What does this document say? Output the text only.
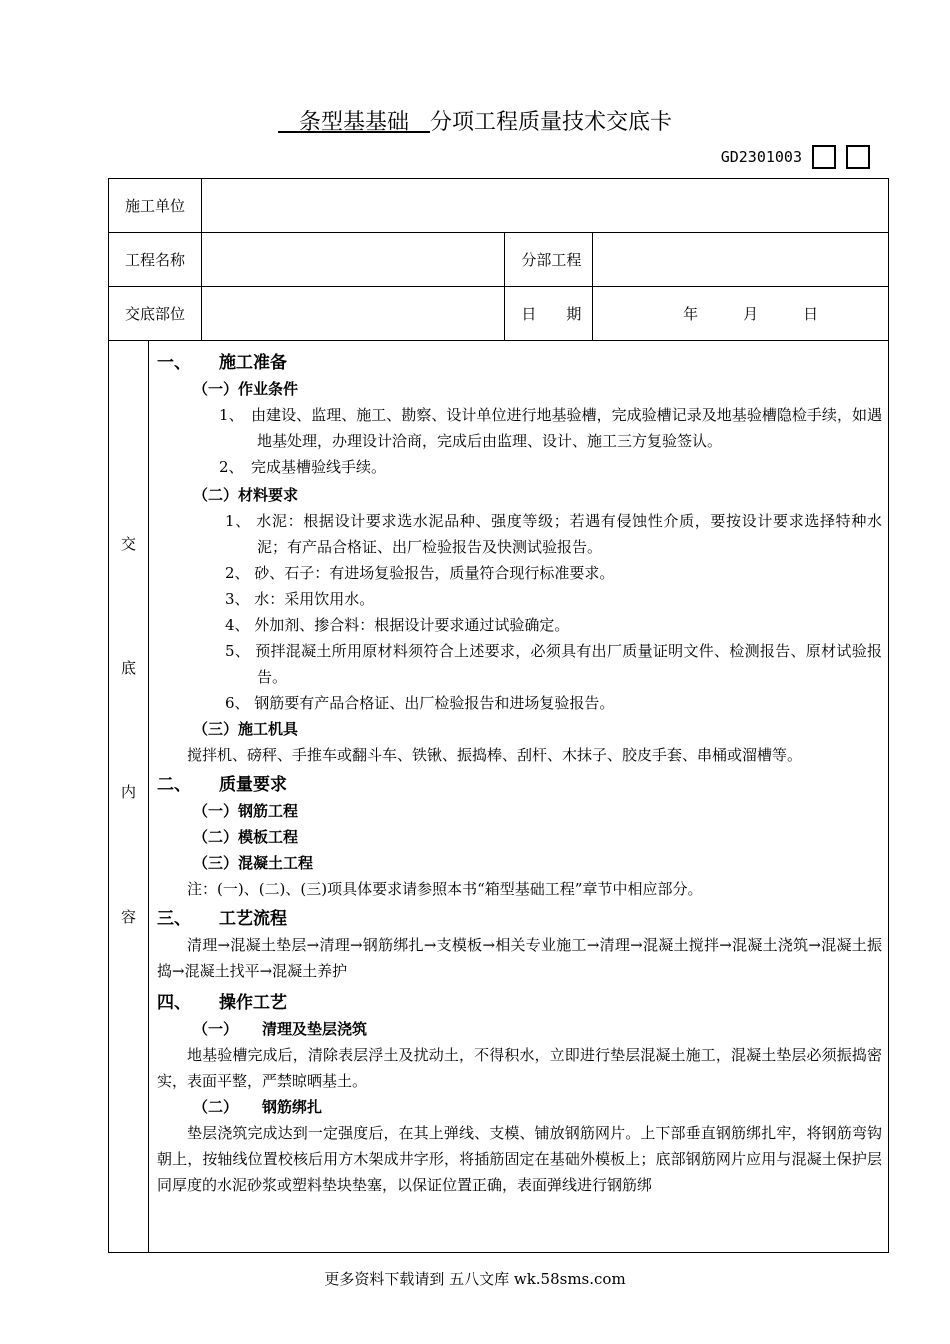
条型基基础   分项工程质量技术交底卡
GD2301003
施工单位			
工程名称		分部工程	
交底部位		日　　期	年　　　月　　　日
交
底
内
容
一、 施工准备
（一）作业条件
1、　由建设、监理、施工、勘察、设计单位进行地基验槽，完成验槽记录及地基验槽隐检手续，如遇地基处理，办理设计洽商，完成后由监理、设计、施工三方复验签认。
2、　完成基槽验线手续。
（二）材料要求
1、 水泥：根据设计要求选水泥品种、强度等级；若遇有侵蚀性介质，要按设计要求选择特种水泥；有产品合格证、出厂检验报告及快测试验报告。
2、 砂、石子：有进场复验报告，质量符合现行标准要求。
3、 水：采用饮用水。
4、 外加剂、掺合料：根据设计要求通过试验确定。
5、 预拌混凝土所用原材料须符合上述要求，必须具有出厂质量证明文件、检测报告、原材试验报告。
6、 钢筋要有产品合格证、出厂检验报告和进场复验报告。
（三）施工机具
搅拌机、磅秤、手推车或翻斗车、铁锹、振捣棒、刮杆、木抹子、胶皮手套、串桶或溜槽等。
二、 质量要求
（一）钢筋工程
（二）模板工程
（三）混凝土工程
注：(一)、(二)、(三)项具体要求请参照本书“箱型基础工程”章节中相应部分。
三、 工艺流程
清理→混凝土垫层→清理→钢筋绑扎→支模板→相关专业施工→清理→混凝土搅拌→混凝土浇筑→混凝土振捣→混凝土找平→混凝土养护
四、 操作工艺
（一） 清理及垫层浇筑
地基验槽完成后，清除表层浮土及扰动土，不得积水，立即进行垫层混凝土施工，混凝土垫层必须振捣密实，表面平整，严禁晾晒基土。
（二） 钢筋绑扎
垫层浇筑完成达到一定强度后，在其上弹线、支模、铺放钢筋网片。上下部垂直钢筋绑扎牢，将钢筋弯钩朝上，按轴线位置校核后用方木架成井字形，将插筋固定在基础外模板上；底部钢筋网片应用与混凝土保护层同厚度的水泥砂浆或塑料垫块垫塞，以保证位置正确，表面弹线进行钢筋绑
更多资料下载请到 五八文库 wk.58sms.com
